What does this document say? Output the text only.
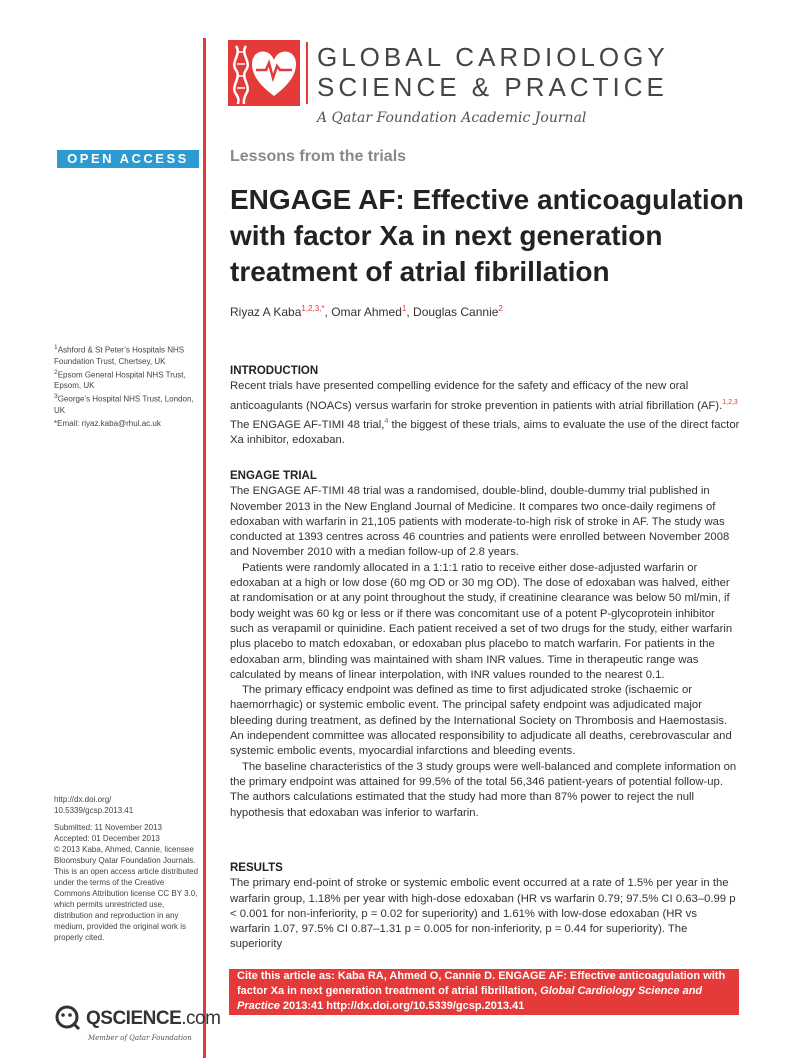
GLOBAL CARDIOLOGY
SCIENCE & PRACTICE
A Qatar Foundation Academic Journal
OPEN ACCESS	Lessons from the trials
ENGAGE AF: Effective anticoagulation with factor Xa in next generation treatment of atrial fibrillation
Riyaz A Kaba$^{1,2,3,*}$, Omar Ahmed$^1$, Douglas Cannie$^2$

$^1$Ashford & St Peter’s Hospitals NHS Foundation Trust, Chertsey, UK

$^2$Epsom General Hospital NHS Trust, Epsom, UK

$^3$George’s Hospital NHS Trust, London, UK

*Email: riyaz.kaba@rhul.ac.uk

http://dx.doi.org/
10.5339/gcsp.2013.41

Submitted: 11 November 2013

Accepted: 01 December 2013

© 2013 Kaba, Ahmed, Cannie, licensee Bloomsbury Qatar Foundation Journals. This is an open access article distributed under the terms of the Creative Commons Attribution license CC BY 3.0, which permits unrestricted use, distribution and reproduction in any medium, provided the original work is properly cited.

QSCIENCE.com
Member of Qatar Foundation

INTRODUCTION

Recent trials have presented compelling evidence for the safety and efficacy of the new oral anticoagulants (NOACs) versus warfarin for stroke prevention in patients with atrial fibrillation (AF).$^{1,2,3}$ The ENGAGE AF-TIMI 48 trial,$^4$ the biggest of these trials, aims to evaluate the use of the direct factor Xa inhibitor, edoxaban.

ENGAGE TRIAL

The ENGAGE AF-TIMI 48 trial was a randomised, double-blind, double-dummy trial published in November 2013 in the New England Journal of Medicine. It compares two once-daily regimens of edoxaban with warfarin in 21,105 patients with moderate-to-high risk of stroke in AF. The study was conducted at 1393 centres across 46 countries and patients were enrolled between November 2008 and November 2010 with a median follow-up of 2.8 years.

Patients were randomly allocated in a 1:1:1 ratio to receive either dose-adjusted warfarin or edoxaban at a high or low dose (60 mg OD or 30 mg OD). The dose of edoxaban was halved, either at randomisation or at any point throughout the study, if creatinine clearance was below 50 ml/min, if body weight was 60 kg or less or if there was concomitant use of a potent P-glycoprotein inhibitor such as verapamil or quinidine. Each patient received a set of two drugs for the study, either warfarin plus placebo to match edoxaban, or edoxaban plus placebo to match warfarin. For patients in the edoxaban arm, blinding was maintained with sham INR values. Time in therapeutic range was calculated by means of linear interpolation, with INR values rounded to the nearest 0.1.

The primary efficacy endpoint was defined as time to first adjudicated stroke (ischaemic or haemorrhagic) or systemic embolic event. The principal safety endpoint was adjudicated major bleeding during treatment, as defined by the International Society on Thrombosis and Haemostasis. An independent committee was allocated responsibility to adjudicate all deaths, cerebrovascular and systemic embolic events, myocardial infarctions and bleeding events.

The baseline characteristics of the 3 study groups were well-balanced and complete information on the primary endpoint was attained for 99.5% of the total 56,346 patient-years of potential follow-up. The authors calculations estimated that the study had more than 87% power to reject the null hypothesis that edoxaban was inferior to warfarin.

RESULTS

The primary end-point of stroke or systemic embolic event occurred at a rate of 1.5% per year in the warfarin group, 1.18% per year with high-dose edoxaban (HR vs warfarin 0.79; 97.5% CI 0.63–0.99 p < 0.001 for non-inferiority, p = 0.02 for superiority) and 1.61% with low-dose edoxaban (HR vs warfarin 1.07, 97.5% CI 0.87–1.31 p = 0.005 for non-inferiority, p = 0.44 for superiority). The superiority

Cite this article as: Kaba RA, Ahmed O, Cannie D. ENGAGE AF: Effective anticoagulation with factor Xa in next generation treatment of atrial fibrillation, Global Cardiology Science and Practice 2013:41 http://dx.doi.org/10.5339/gcsp.2013.41
